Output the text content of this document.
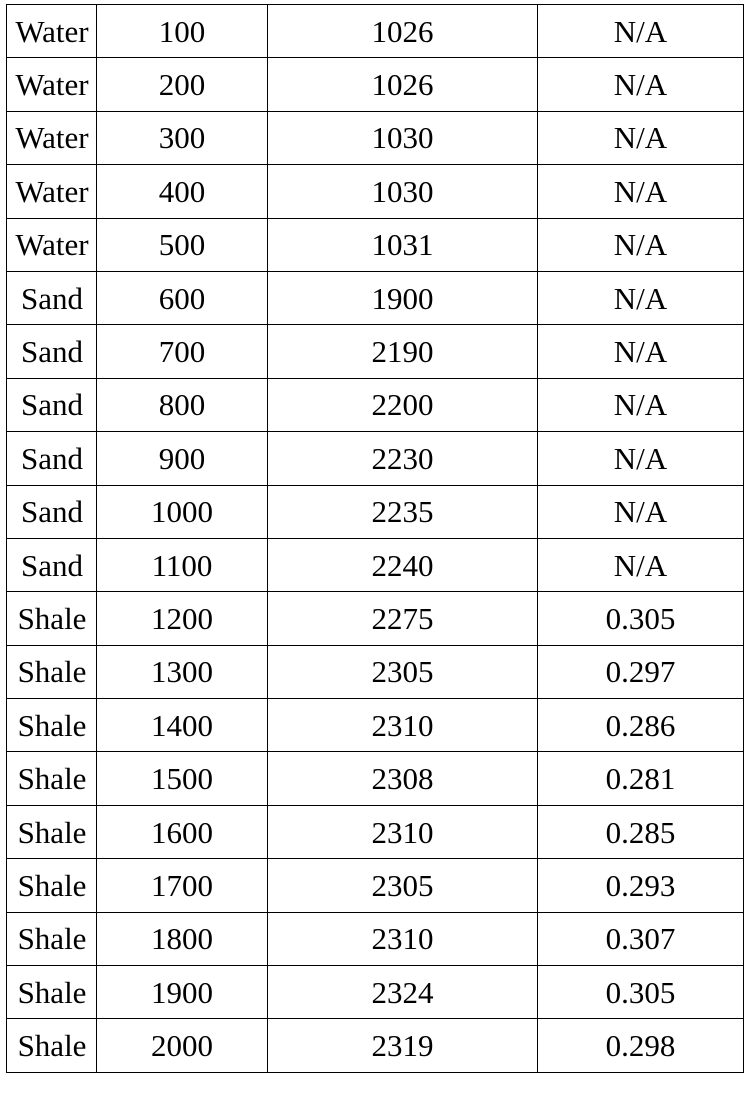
Water	100	1026	N/A
Water	200	1026	N/A
Water	300	1030	N/A
Water	400	1030	N/A
Water	500	1031	N/A
Sand	600	1900	N/A
Sand	700	2190	N/A
Sand	800	2200	N/A
Sand	900	2230	N/A
Sand	1000	2235	N/A
Sand	1100	2240	N/A
Shale	1200	2275	0.305
Shale	1300	2305	0.297
Shale	1400	2310	0.286
Shale	1500	2308	0.281
Shale	1600	2310	0.285
Shale	1700	2305	0.293
Shale	1800	2310	0.307
Shale	1900	2324	0.305
Shale	2000	2319	0.298
